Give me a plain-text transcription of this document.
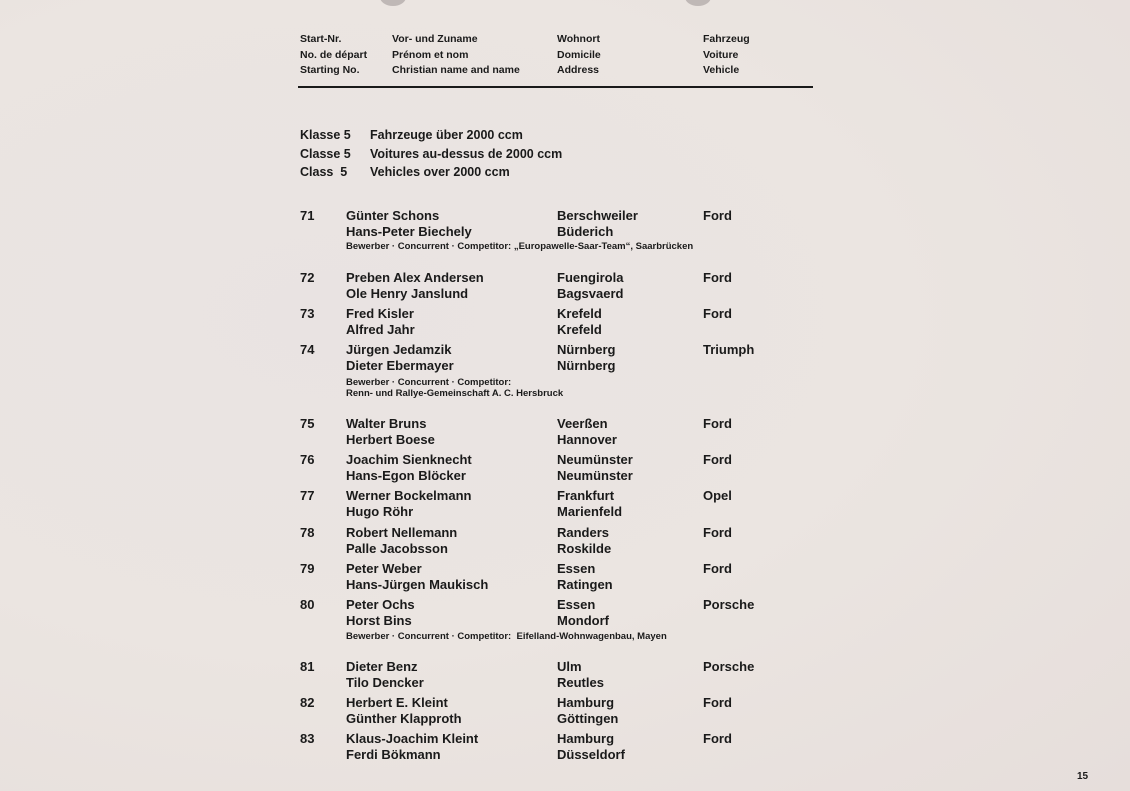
Start-Nr.
No. de départ
Starting No.
Vor- und Zuname
Prénom et nom
Christian name and name
Wohnort
Domicile
Address
Fahrzeug
Voiture
Vehicle
Klasse 5 Fahrzeuge über 2000 ccm
Classe 5 Voitures au-dessus de 2000 ccm
Class  5 Vehicles over 2000 ccm
71 Günter Schons
Hans-Peter Biechely
Berschweiler
Büderich
Ford
Bewerber · Concurrent · Competitor: „Europawelle-Saar-Team“, Saarbrücken
72 Preben Alex Andersen
Ole Henry Janslund
Fuengirola
Bagsvaerd
Ford
73 Fred Kisler
Alfred Jahr
Krefeld
Krefeld
Ford
74 Jürgen Jedamzik
Dieter Ebermayer
Nürnberg
Nürnberg
Triumph
Bewerber · Concurrent · Competitor:
Renn- und Rallye-Gemeinschaft A. C. Hersbruck
75 Walter Bruns
Herbert Boese
Veerßen
Hannover
Ford
76 Joachim Sienknecht
Hans-Egon Blöcker
Neumünster
Neumünster
Ford
77 Werner Bockelmann
Hugo Röhr
Frankfurt
Marienfeld
Opel
78 Robert Nellemann
Palle Jacobsson
Randers
Roskilde
Ford
79 Peter Weber
Hans-Jürgen Maukisch
Essen
Ratingen
Ford
80 Peter Ochs
Horst Bins
Essen
Mondorf
Porsche
Bewerber · Concurrent · Competitor:  Eifelland-Wohnwagenbau, Mayen
81 Dieter Benz
Tilo Dencker
Ulm
Reutles
Porsche
82 Herbert E. Kleint
Günther Klapproth
Hamburg
Göttingen
Ford
83 Klaus-Joachim Kleint
Ferdi Bökmann
Hamburg
Düsseldorf
Ford
15
